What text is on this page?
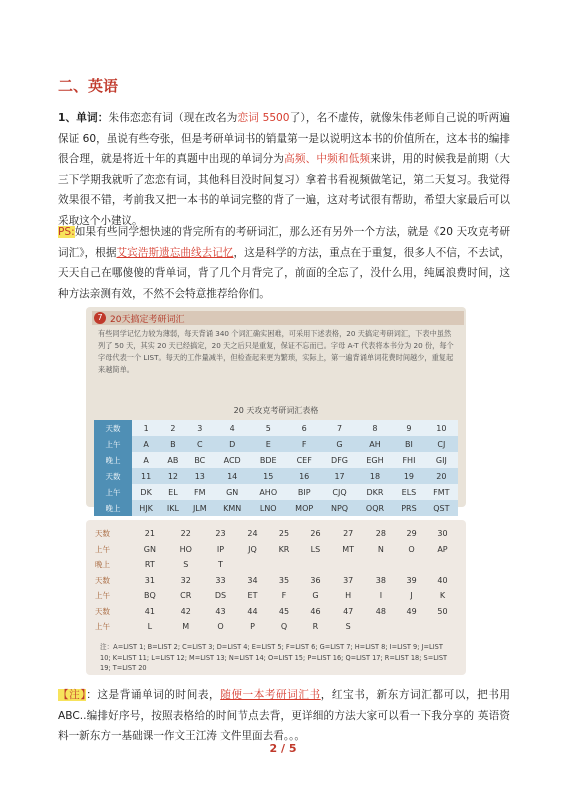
二、英语
1、单词：朱伟恋恋有词（现在改名为恋词 5500了），名不虚传，就像朱伟老师自己说的听两遍保证 60，虽说有些夸张，但是考研单词书的销量第一是以说明这本书的价值所在，这本书的编排很合理，就是将近十年的真题中出现的单词分为高频、中频和低频来讲，用的时候我是前期（大三下学期我就听了恋恋有词，其他科目没时间复习）拿着书看视频做笔记，第二天复习。我觉得效果很不错，考前我又把一本书的单词完整的背了一遍，这对考试很有帮助，希望大家最后可以采取这个小建议。
PS:如果有些同学想快速的背完所有的考研词汇，那么还有另外一个方法，就是《20 天攻克考研词汇》，根据艾宾浩斯遗忘曲线去记忆，这是科学的方法，重点在于重复，很多人不信，不去试，天天自己在哪傻傻的背单词，背了几个月背完了，前面的全忘了，没什么用，纯属浪费时间，这种方法亲测有效，不然不会特意推荐给你们。
7 20天搞定考研词汇
有些同学记忆力较为薄弱，每天背诵 340 个词汇确实困难，可采用下述表格，20 天搞定考研词汇，下表中虽然列了 50 天，其实 20 天已经搞定，20 天之后只是重复，保证不忘而已。字母 A-T 代表将本书分为 20 份，每个字母代表一个 LIST。每天的工作量减半，但检查起来更为繁琐，实际上，第一遍背诵单词花费时间越少，重复起来越简单。
20 天攻克考研词汇表格
天数	1	2	3	4	5	6	7	8	9	10
上午	A	B	C	D	E	F	G	AH	BI	CJ
晚上	A	AB	BC	ACD	BDE	CEF	DFG	EGH	FHI	GIJ
天数	11	12	13	14	15	16	17	18	19	20
上午	DK	EL	FM	GN	AHO	BIP	CJQ	DKR	ELS	FMT
晚上	HJK	IKL	JLM	KMN	LNO	MOP	NPQ	OQR	PRS	QST
天数	21	22	23	24	25	26	27	28	29	30
上午	GN	HO	IP	JQ	KR	LS	MT	N	O	AP
晚上	RT	S	T							
天数	31	32	33	34	35	36	37	38	39	40
上午	BQ	CR	DS	ET	F	G	H	I	J	K
天数	41	42	43	44	45	46	47	48	49	50
上午	L	M	O	P	Q	R	S			
注：A=LIST 1; B=LIST 2; C=LIST 3; D=LIST 4; E=LIST 5; F=LIST 6; G=LIST 7; H=LIST 8; I=LIST 9; J=LIST 10; K=LIST 11; L=LIST 12; M=LIST 13; N=LIST 14; O=LIST 15; P=LIST 16; Q=LIST 17; R=LIST 18; S=LIST 19; T=LIST 20
【注】：这是背诵单词的时间表，随便一本考研词汇书，红宝书，新东方词汇都可以，把书用 ABC..编排好序号，按照表格给的时间节点去背，更详细的方法大家可以看一下我分享的 英语资料一新东方一基础课一作文王江涛 文件里面去看。。。
2 / 5
